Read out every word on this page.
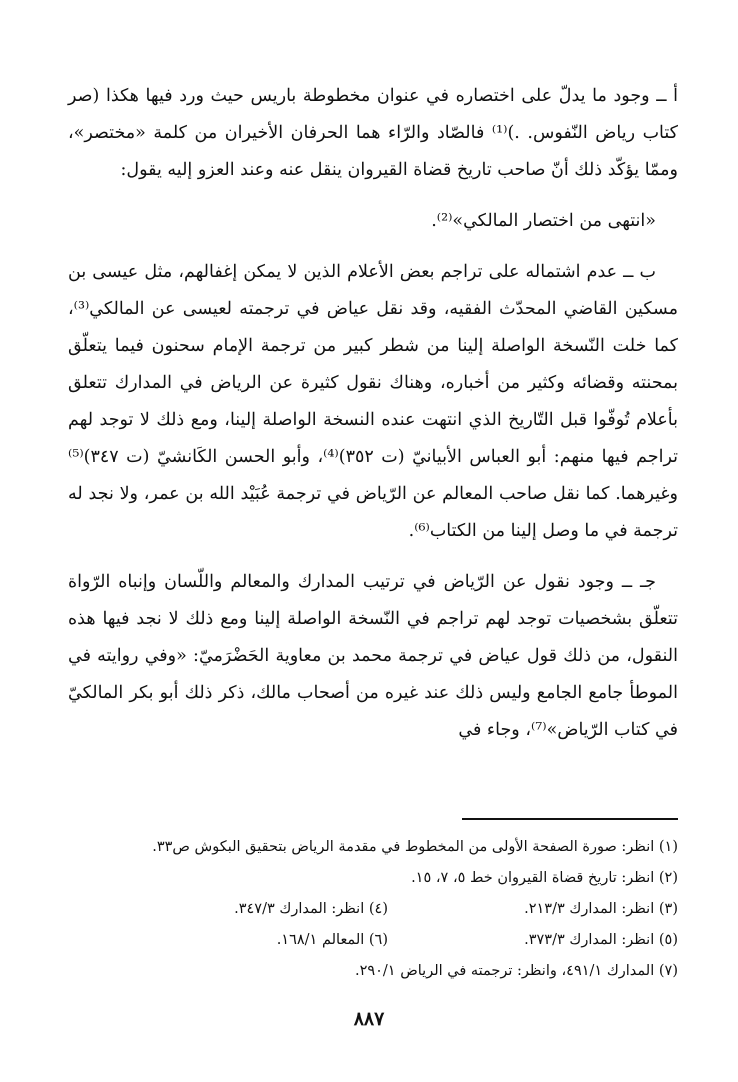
أ ــ وجود ما يدلّ على اختصاره في عنوان مخطوطة باريس حيث ورد فيها هكذا (صر كتاب رياض النّفوس. .)⁽¹⁾ فالصّاد والرّاء هما الحرفان الأخيران من كلمة «مختصر»، وممّا يؤكّد ذلك أنّ صاحب تاريخ قضاة القيروان ينقل عنه وعند العزو إليه يقول:

«انتهى من اختصار المالكي»⁽²⁾.

ب ــ عدم اشتماله على تراجم بعض الأعلام الذين لا يمكن إغفالهم، مثل عيسى بن مسكين القاضي المحدّث الفقيه، وقد نقل عياض في ترجمته لعيسى عن المالكي⁽³⁾، كما خلت النّسخة الواصلة إلينا من شطر كبير من ترجمة الإمام سحنون فيما يتعلّق بمحنته وقضائه وكثير من أخباره، وهناك نقول كثيرة عن الرياض في المدارك تتعلق بأعلام تُوفّوا قبل التّاريخ الذي انتهت عنده النسخة الواصلة إلينا، ومع ذلك لا توجد لهم تراجم فيها منهم: أبو العباس الأبيانيّ (ت ٣٥٢)⁽⁴⁾، وأبو الحسن الكَانشيّ (ت ٣٤٧)⁽⁵⁾ وغيرهما. كما نقل صاحب المعالم عن الرّياض في ترجمة عُبَيْد الله بن عمر، ولا نجد له ترجمة في ما وصل إلينا من الكتاب⁽⁶⁾.

جـ ــ وجود نقول عن الرّياض في ترتيب المدارك والمعالم واللّسان وإنباه الرّواة تتعلّق بشخصيات توجد لهم تراجم في النّسخة الواصلة إلينا ومع ذلك لا نجد فيها هذه النقول، من ذلك قول عياض في ترجمة محمد بن معاوية الحَضْرَميّ: «وفي روايته في الموطأ جامع الجامع وليس ذلك عند غيره من أصحاب مالك، ذكر ذلك أبو بكر المالكيّ في كتاب الرّياض»⁽⁷⁾، وجاء في

(١) انظر: صورة الصفحة الأولى من المخطوط في مقدمة الرياض بتحقيق البكوش ص٣٣.
(٢) انظر: تاريخ قضاة القيروان خط ٥، ٧، ١٥.
(٣) انظر: المدارك ٢١٣/٣.
(٤) انظر: المدارك ٣٤٧/٣.
(٥) انظر: المدارك ٣٧٣/٣.
(٦) المعالم ١٦٨/١.
(٧) المدارك ٤٩١/١، وانظر: ترجمته في الرياض ٢٩٠/١.
٨٨٧
